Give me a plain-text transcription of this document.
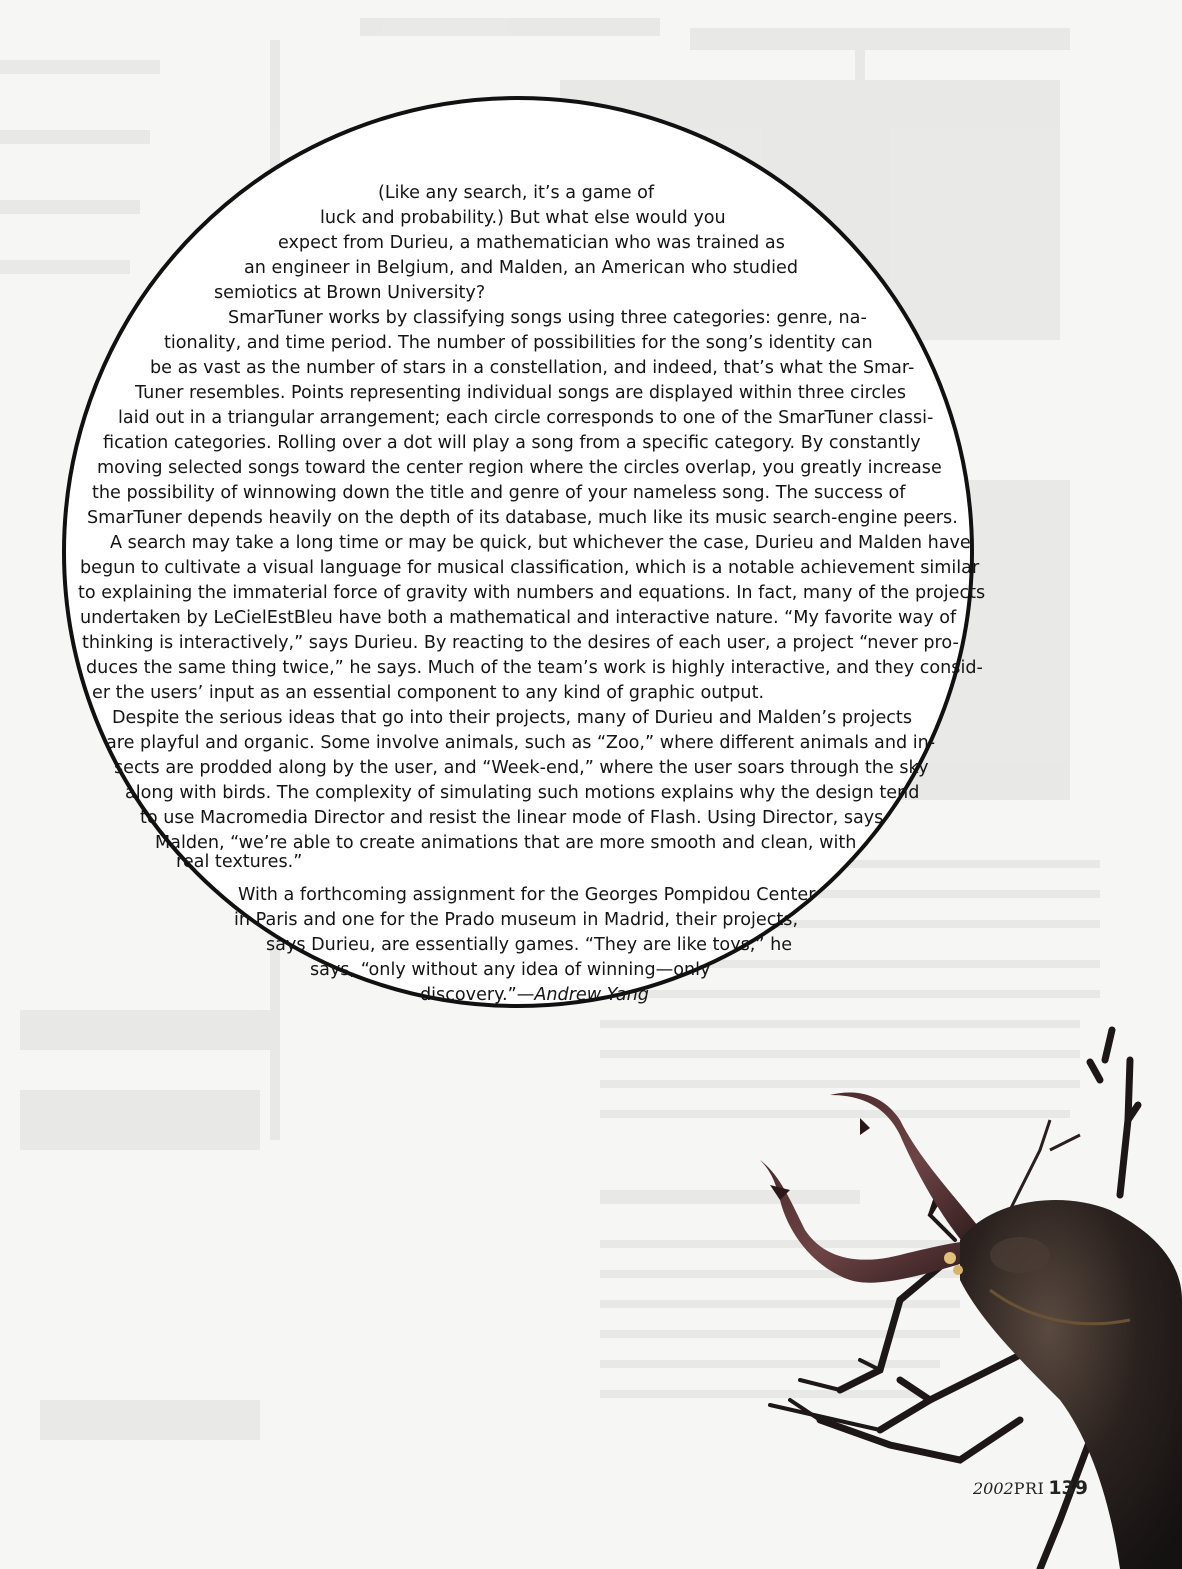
(Like any search, it’s a game of
luck and probability.) But what else would you
expect from Durieu, a mathematician who was trained as
an engineer in Belgium, and Malden, an American who studied
semiotics at Brown University?
SmarTuner works by classifying songs using three categories: genre, na-
tionality, and time period. The number of possibilities for the song’s identity can
be as vast as the number of stars in a constellation, and indeed, that’s what the Smar-
Tuner resembles. Points representing individual songs are displayed within three circles
laid out in a triangular arrangement; each circle corresponds to one of the SmarTuner classi-
fication categories. Rolling over a dot will play a song from a specific category. By constantly
moving selected songs toward the center region where the circles overlap, you greatly increase
the possibility of winnowing down the title and genre of your nameless song. The success of
SmarTuner depends heavily on the depth of its database, much like its music search-engine peers.
A search may take a long time or may be quick, but whichever the case, Durieu and Malden have
begun to cultivate a visual language for musical classification, which is a notable achievement similar
to explaining the immaterial force of gravity with numbers and equations. In fact, many of the projects
undertaken by LeCielEstBleu have both a mathematical and interactive nature. “My favorite way of
thinking is interactively,” says Durieu. By reacting to the desires of each user, a project “never pro-
duces the same thing twice,” he says. Much of the team’s work is highly interactive, and they consid-
er the users’ input as an essential component to any kind of graphic output.
Despite the serious ideas that go into their projects, many of Durieu and Malden’s projects
are playful and organic. Some involve animals, such as “Zoo,” where different animals and in-
sects are prodded along by the user, and “Week-end,” where the user soars through the sky
along with birds. The complexity of simulating such motions explains why the design tend
to use Macromedia Director and resist the linear mode of Flash. Using Director, says
Malden, “we’re able to create animations that are more smooth and clean, with
real textures.”
With a forthcoming assignment for the Georges Pompidou Center
in Paris and one for the Prado museum in Madrid, their projects,
says Durieu, are essentially games. “They are like toys,” he
says, “only without any idea of winning—only
discovery.”—Andrew Yang
2002PRI 139
